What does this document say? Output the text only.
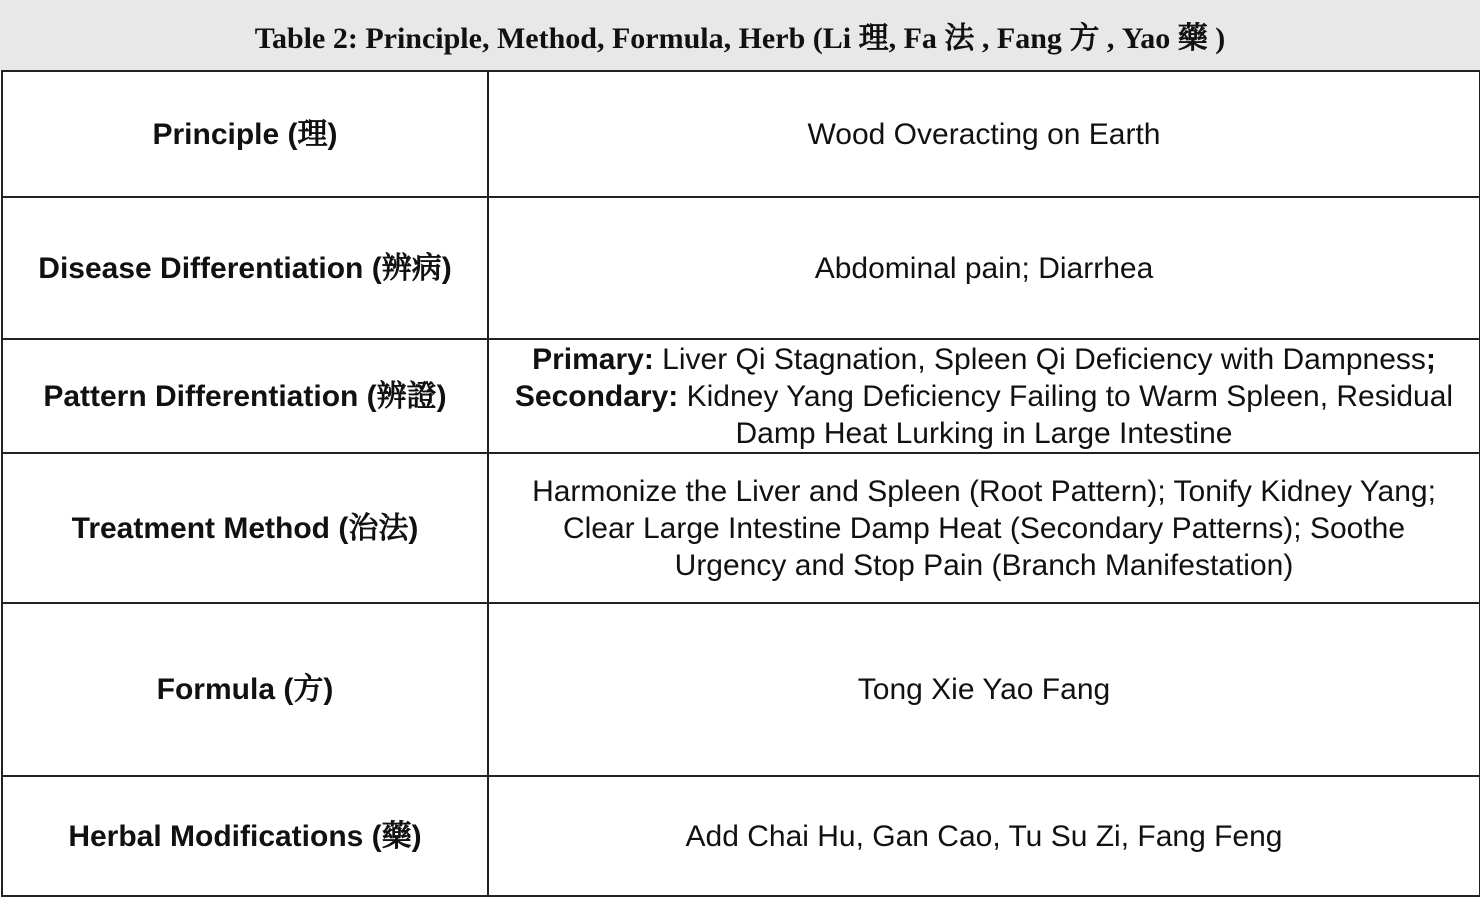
Table 2: Principle, Method, Formula, Herb (Li 理, Fa 法 , Fang 方 , Yao 藥 )
Principle (理)	Wood Overacting on Earth
Disease Differentiation (辨病)	Abdominal pain; Diarrhea
Pattern Differentiation (辨證)	Primary: Liver Qi Stagnation, Spleen Qi Deficiency with Dampness; Secondary: Kidney Yang Deficiency Failing to Warm Spleen, Residual Damp Heat Lurking in Large Intestine
Treatment Method (治法)	Harmonize the Liver and Spleen (Root Pattern); Tonify Kidney Yang; Clear Large Intestine Damp Heat (Secondary Patterns); Soothe Urgency and Stop Pain (Branch Manifestation)
Formula (方)	Tong Xie Yao Fang
Herbal Modifications (藥)	Add Chai Hu, Gan Cao, Tu Su Zi, Fang Feng
